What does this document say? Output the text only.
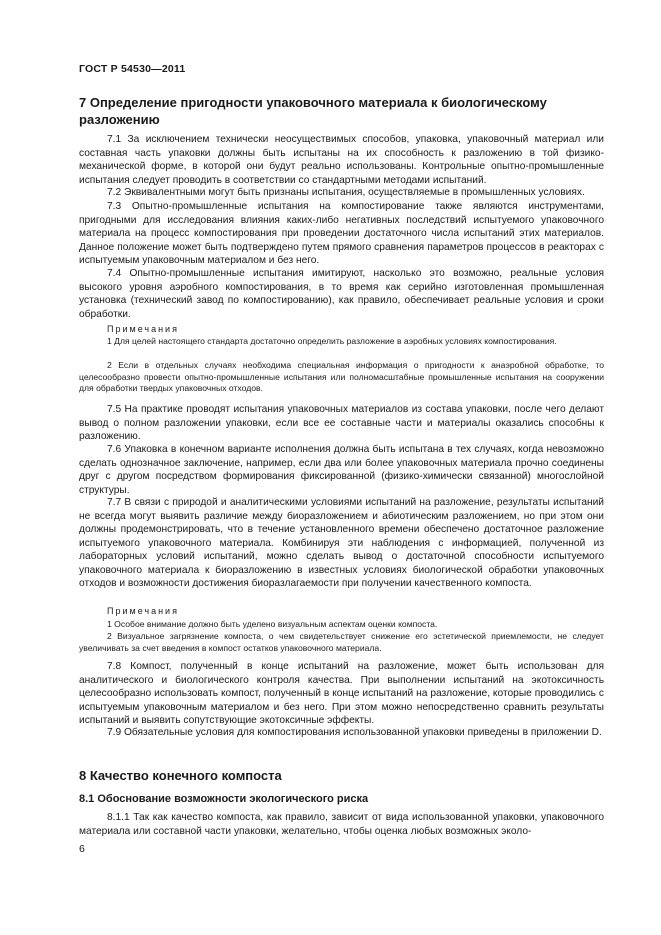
ГОСТ Р 54530—2011
7 Определение пригодности упаковочного материала к биологическому разложению
7.1 За исключением технически неосуществимых способов, упаковка, упаковочный материал или составная часть упаковки должны быть испытаны на их способность к разложению в той физико-механической форме, в которой они будут реально использованы. Контрольные опытно-промышленные испытания следует проводить в соответствии со стандартными методами испытаний.
7.2 Эквивалентными могут быть признаны испытания, осуществляемые в промышленных условиях.
7.3 Опытно-промышленные испытания на компостирование также являются инструментами, пригодными для исследования влияния каких-либо негативных последствий испытуемого упаковочного материала на процесс компостирования при проведении достаточного числа испытаний этих материалов. Данное положение может быть подтверждено путем прямого сравнения параметров процессов в реакторах с испытуемым упаковочным материалом и без него.
7.4 Опытно-промышленные испытания имитируют, насколько это возможно, реальные условия высокого уровня аэробного компостирования, в то время как серийно изготовленная промышленная установка (технический завод по компостированию), как правило, обеспечивает реальные условия и сроки обработки.
Примечания
1 Для целей настоящего стандарта достаточно определить разложение в аэробных условиях компостирования.
2 Если в отдельных случаях необходима специальная информация о пригодности к анаэробной обработке, то целесообразно провести опытно-промышленные испытания или полномасштабные промышленные испытания на сооружении для обработки твердых упаковочных отходов.
7.5 На практике проводят испытания упаковочных материалов из состава упаковки, после чего делают вывод о полном разложении упаковки, если все ее составные части и материалы оказались способны к разложению.
7.6 Упаковка в конечном варианте исполнения должна быть испытана в тех случаях, когда невозможно сделать однозначное заключение, например, если два или более упаковочных материала прочно соединены друг с другом посредством формирования фиксированной (физико-химически связанной) многослойной структуры.
7.7 В связи с природой и аналитическими условиями испытаний на разложение, результаты испытаний не всегда могут выявить различие между биоразложением и абиотическим разложением, но при этом они должны продемонстрировать, что в течение установленного времени обеспечено достаточное разложение испытуемого упаковочного материала. Комбинируя эти наблюдения с информацией, полученной из лабораторных условий испытаний, можно сделать вывод о достаточной способности испытуемого упаковочного материала к биоразложению в известных условиях биологической обработки упаковочных отходов и возможности достижения биоразлагаемости при получении качественного компоста.
Примечания
1 Особое внимание должно быть уделено визуальным аспектам оценки компоста.
2 Визуальное загрязнение компоста, о чем свидетельствует снижение его эстетической приемлемости, не следует увеличивать за счет введения в компост остатков упаковочного материала.
7.8 Компост, полученный в конце испытаний на разложение, может быть использован для аналитического и биологического контроля качества. При выполнении испытаний на экотоксичность целесообразно использовать компост, полученный в конце испытаний на разложение, которые проводились с испытуемым упаковочным материалом и без него. При этом можно непосредственно сравнить результаты испытаний и выявить сопутствующие экотоксичные эффекты.
7.9 Обязательные условия для компостирования использованной упаковки приведены в приложении D.
8 Качество конечного компоста
8.1 Обоснование возможности экологического риска
8.1.1 Так как качество компоста, как правило, зависит от вида использованной упаковки, упаковочного материала или составной части упаковки, желательно, чтобы оценка любых возможных эколо-
6
